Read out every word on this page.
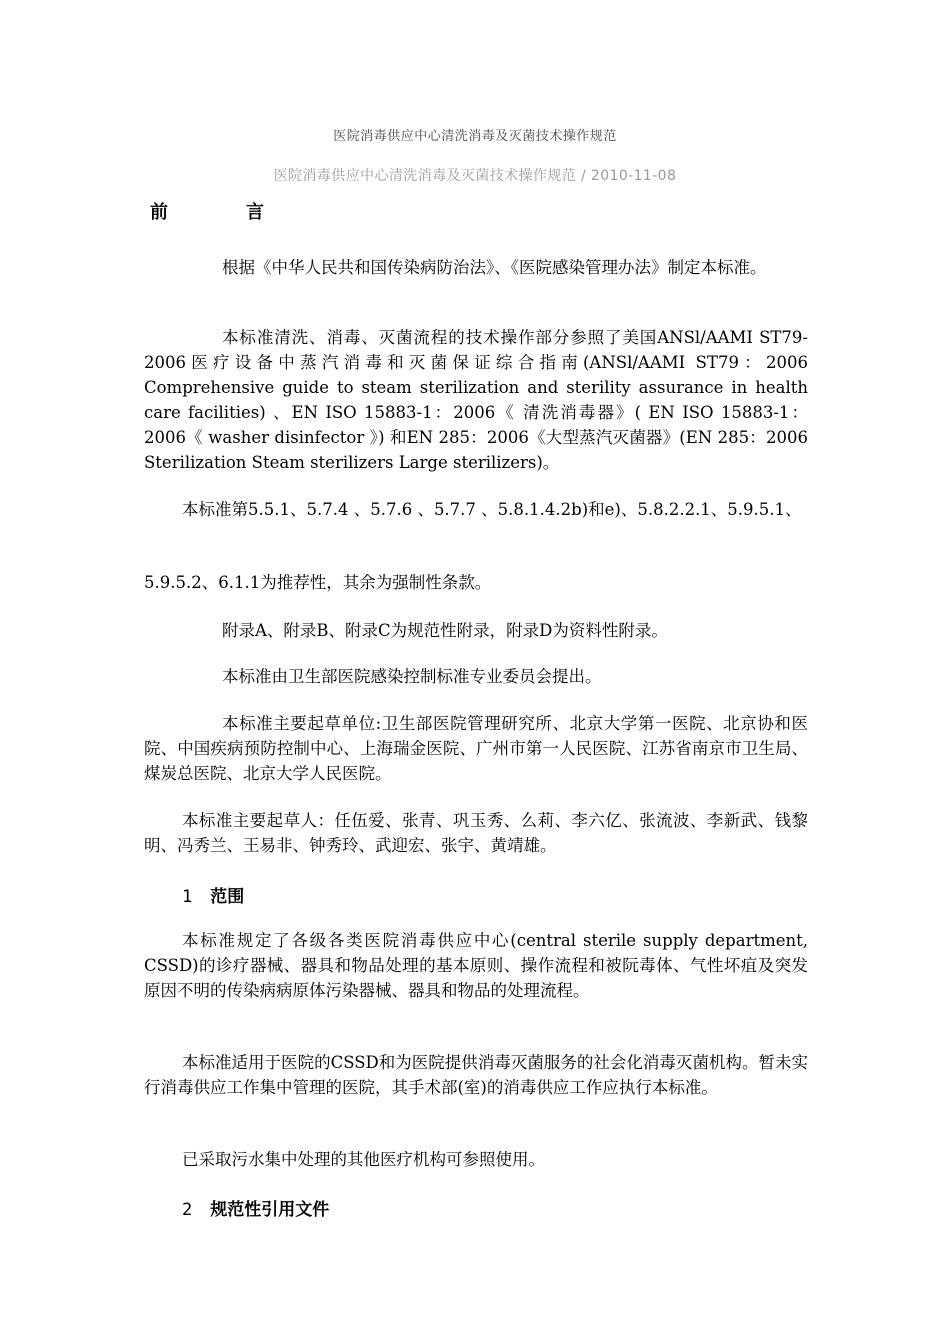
医院消毒供应中心清洗消毒及灭菌技术操作规范
医院消毒供应中心清洗消毒及灭菌技术操作规范 / 2010-11-08
前	言
根据《中华人民共和国传染病防治法》、《医院感染管理办法》制定本标准。
本标准清洗、消毒、灭菌流程的技术操作部分参照了美国ANSl/AAMI ST79-2006医疗设备中蒸汽消毒和灭菌保证综合指南(ANSl/AAMI ST79：2006 Comprehensive guide to steam sterilization and sterility assurance in health care facilities) 、EN ISO 15883-1：2006《 清洗消毒器》( EN ISO 15883-1：2006《 washer disinfector 》) 和EN 285：2006《大型蒸汽灭菌器》(EN 285：2006 Sterilization Steam sterilizers Large sterilizers)。
本标准第5.5.1、5.7.4 、5.7.6 、5.7.7 、5.8.1.4.2b)和e)、5.8.2.2.1、5.9.5.1、
5.9.5.2、6.1.1为推荐性，其余为强制性条款。
附录A、附录B、附录C为规范性附录，附录D为资料性附录。
本标准由卫生部医院感染控制标准专业委员会提出。
本标准主要起草单位:卫生部医院管理研究所、北京大学第一医院、北京协和医院、中国疾病预防控制中心、上海瑞金医院、广州市第一人民医院、江苏省南京市卫生局、煤炭总医院、北京大学人民医院。
本标准主要起草人：任伍爱、张青、巩玉秀、么莉、李六亿、张流波、李新武、钱黎明、冯秀兰、王易非、钟秀玲、武迎宏、张宇、黄靖雄。
1 范围
本标准规定了各级各类医院消毒供应中心(central sterile supply department, CSSD)的诊疗器械、器具和物品处理的基本原则、操作流程和被阮毒体、气性坏疽及突发原因不明的传染病病原体污染器械、器具和物品的处理流程。
本标准适用于医院的CSSD和为医院提供消毒灭菌服务的社会化消毒灭菌机构。暂未实行消毒供应工作集中管理的医院，其手术部(室)的消毒供应工作应执行本标准。
已采取污水集中处理的其他医疗机构可参照使用。
2 规范性引用文件
